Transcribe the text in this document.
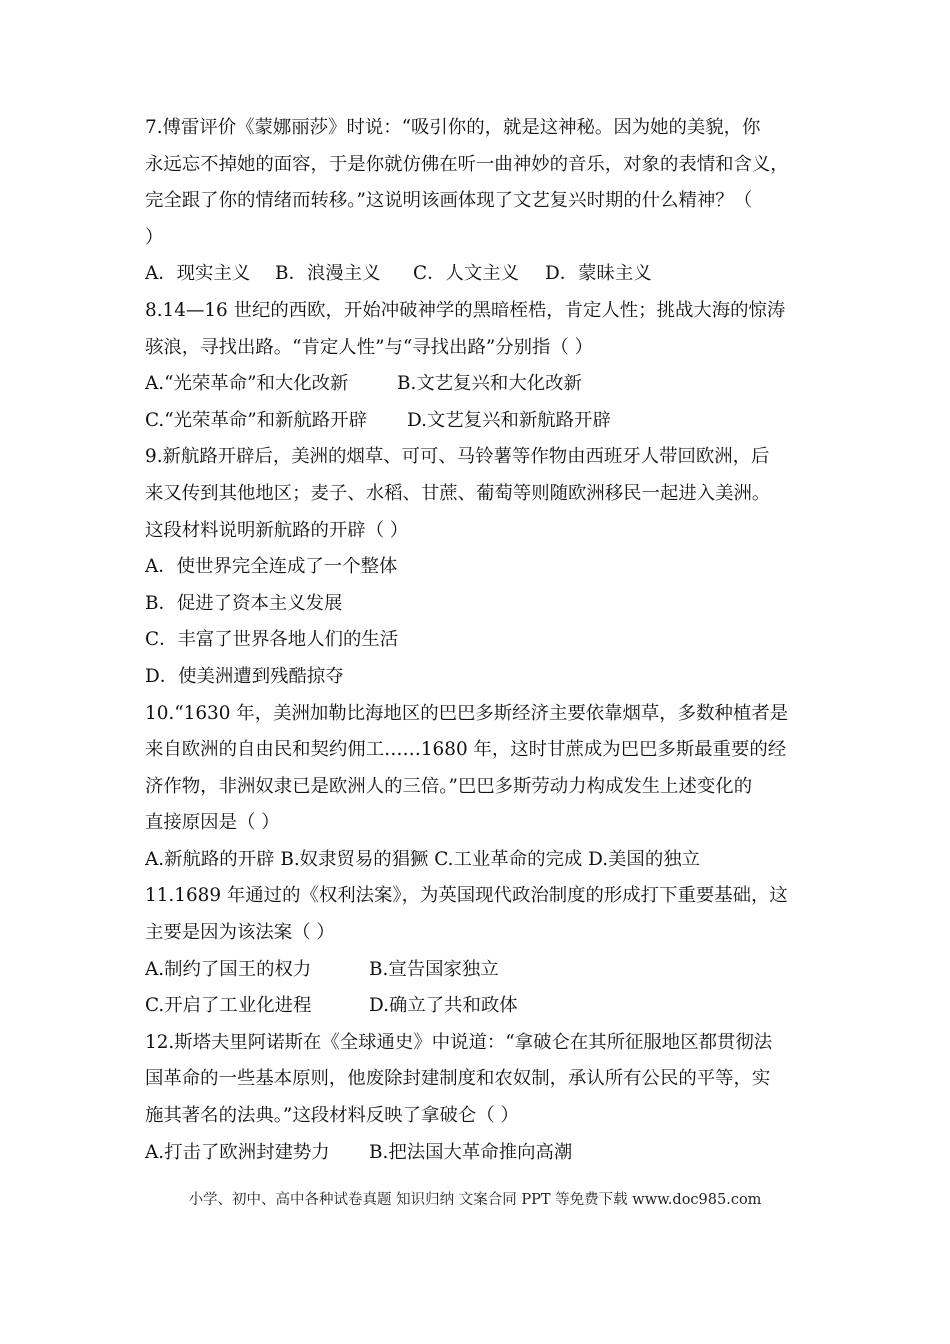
7.傅雷评价《蒙娜丽莎》时说：“吸引你的，就是这神秘。因为她的美貌，你
永远忘不掉她的面容，于是你就仿佛在听一曲神妙的音乐，对象的表情和含义，
完全跟了你的情绪而转移。”这说明该画体现了文艺复兴时期的什么精神？（
）
A．现实主义 B．浪漫主义 C．人文主义 D．蒙昧主义
8.14—16 世纪的西欧，开始冲破神学的黑暗桎梏，肯定人性；挑战大海的惊涛
骇浪，寻找出路。“肯定人性”与“寻找出路”分别指（ ）
A.“光荣革命”和大化改新	B.文艺复兴和大化改新
C.“光荣革命”和新航路开辟 D.文艺复兴和新航路开辟
9.新航路开辟后，美洲的烟草、可可、马铃薯等作物由西班牙人带回欧洲，后
来又传到其他地区；麦子、水稻、甘蔗、葡萄等则随欧洲移民一起进入美洲。
这段材料说明新航路的开辟（ ）
A．使世界完全连成了一个整体
B．促进了资本主义发展
C．丰富了世界各地人们的生活
D．使美洲遭到残酷掠夺
10.“1630 年，美洲加勒比海地区的巴巴多斯经济主要依靠烟草，多数种植者是
来自欧洲的自由民和契约佣工……1680 年，这时甘蔗成为巴巴多斯最重要的经
济作物，非洲奴隶已是欧洲人的三倍。”巴巴多斯劳动力构成发生上述变化的
直接原因是（ ）
A.新航路的开辟 B.奴隶贸易的猖獗 C.工业革命的完成 D.美国的独立
11.1689 年通过的《权利法案》，为英国现代政治制度的形成打下重要基础，这
主要是因为该法案（ ）
A.制约了国王的权力	B.宣告国家独立
C.开启了工业化进程	D.确立了共和政体
12.斯塔夫里阿诺斯在《全球通史》中说道：“拿破仑在其所征服地区都贯彻法
国革命的一些基本原则，他废除封建制度和农奴制，承认所有公民的平等，实
施其著名的法典。”这段材料反映了拿破仑（ ）
A.打击了欧洲封建势力 B.把法国大革命推向高潮
小学、初中、高中各种试卷真题 知识归纳 文案合同 PPT 等免费下载 www.doc985.com
